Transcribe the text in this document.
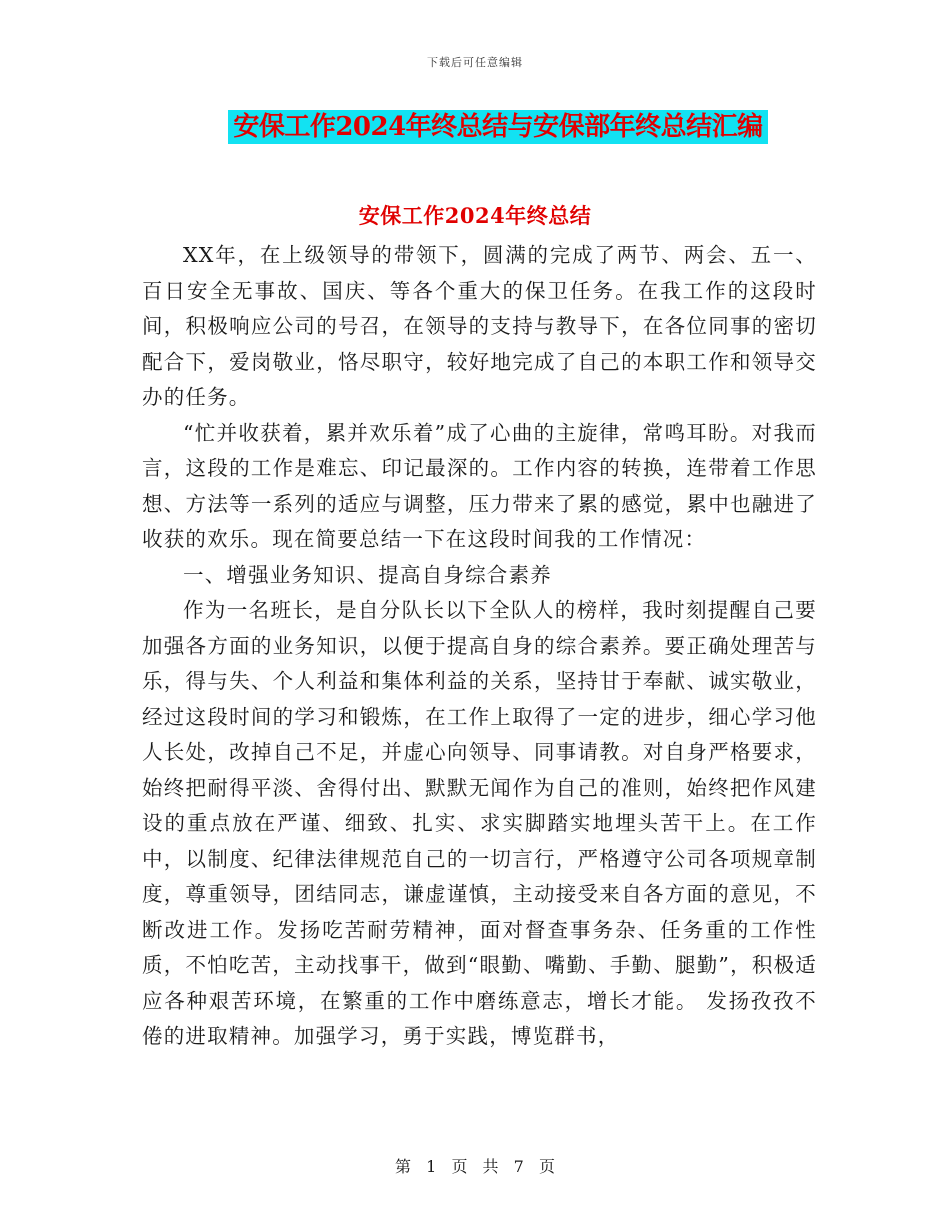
下载后可任意编辑
安保工作2024年终总结与安保部年终总结汇编
安保工作2024年终总结

XX年，在上级领导的带领下，圆满的完成了两节、两会、五一、百日安全无事故、国庆、等各个重大的保卫任务。在我工作的这段时间，积极响应公司的号召，在领导的支持与教导下，在各位同事的密切配合下，爱岗敬业，恪尽职守，较好地完成了自己的本职工作和领导交办的任务。

“忙并收获着，累并欢乐着”成了心曲的主旋律，常鸣耳盼。对我而言，这段的工作是难忘、印记最深的。工作内容的转换，连带着工作思想、方法等一系列的适应与调整，压力带来了累的感觉，累中也融进了收获的欢乐。现在简要总结一下在这段时间我的工作情况：

一、增强业务知识、提高自身综合素养

作为一名班长，是自分队长以下全队人的榜样，我时刻提醒自己要加强各方面的业务知识，以便于提高自身的综合素养。要正确处理苦与乐，得与失、个人利益和集体利益的关系，坚持甘于奉献、诚实敬业，经过这段时间的学习和锻炼，在工作上取得了一定的进步，细心学习他人长处，改掉自己不足，并虚心向领导、同事请教。对自身严格要求，始终把耐得平淡、舍得付出、默默无闻作为自己的准则，始终把作风建设的重点放在严谨、细致、扎实、求实脚踏实地埋头苦干上。在工作中，以制度、纪律法律规范自己的一切言行，严格遵守公司各项规章制度，尊重领导，团结同志，谦虚谨慎，主动接受来自各方面的意见，不断改进工作。发扬吃苦耐劳精神，面对督查事务杂、任务重的工作性质，不怕吃苦，主动找事干，做到“眼勤、嘴勤、手勤、腿勤”，积极适应各种艰苦环境，在繁重的工作中磨练意志，增长才能。 发扬孜孜不倦的进取精神。加强学习，勇于实践，博览群书，

第 1 页 共 7 页
